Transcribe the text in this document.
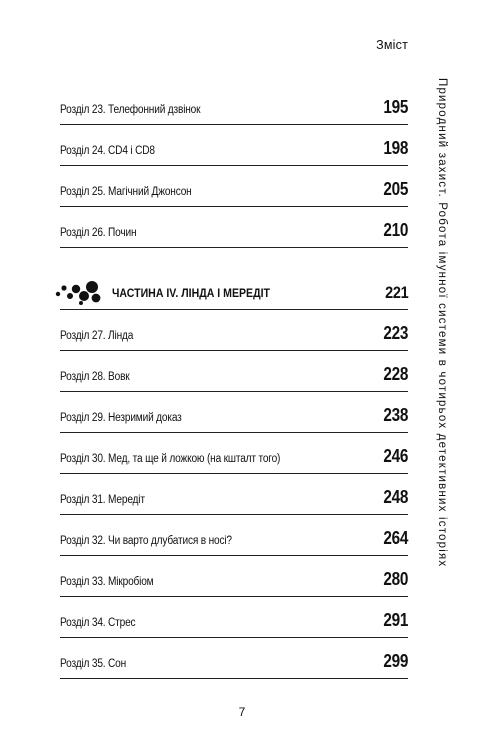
Зміст
Природний захист. Робота імунної системи в чотирьох детективних історіях
Розділ 23. Телефонний дзвінок	195
Розділ 24. CD4 і CD8	198
Розділ 25. Магічний Джонсон	205
Розділ 26. Почин	210
ЧАСТИНА IV. ЛІНДА І МЕРЕДІТ	221
Розділ 27. Лінда	223
Розділ 28. Вовк	228
Розділ 29. Незримий доказ	238
Розділ 30. Мед, та ще й ложкою (на кшталт того)	246
Розділ 31. Мередіт	248
Розділ 32. Чи варто длубатися в носі?	264
Розділ 33. Мікробіом	280
Розділ 34. Стрес	291
Розділ 35. Сон	299
7
